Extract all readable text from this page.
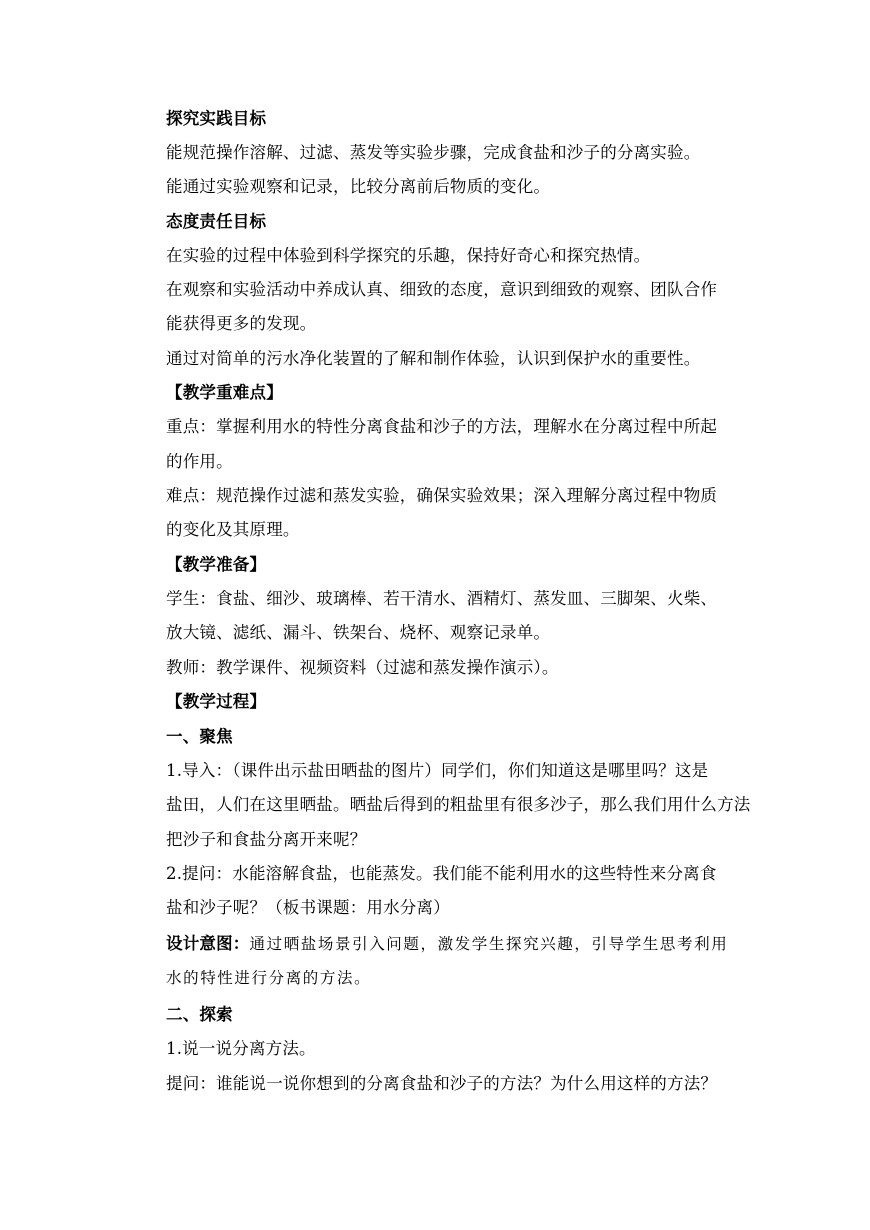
探究实践目标
能规范操作溶解、过滤、蒸发等实验步骤，完成食盐和沙子的分离实验。
能通过实验观察和记录，比较分离前后物质的变化。
态度责任目标
在实验的过程中体验到科学探究的乐趣，保持好奇心和探究热情。
在观察和实验活动中养成认真、细致的态度，意识到细致的观察、团队合作
能获得更多的发现。
通过对简单的污水净化装置的了解和制作体验，认识到保护水的重要性。
【教学重难点】
重点：掌握利用水的特性分离食盐和沙子的方法，理解水在分离过程中所起
的作用。
难点：规范操作过滤和蒸发实验，确保实验效果；深入理解分离过程中物质
的变化及其原理。
【教学准备】
学生：食盐、细沙、玻璃棒、若干清水、酒精灯、蒸发皿、三脚架、火柴、
放大镜、滤纸、漏斗、铁架台、烧杯、观察记录单。
教师：教学课件、视频资料（过滤和蒸发操作演示）。
【教学过程】
一、聚焦
1.导入：（课件出示盐田晒盐的图片）同学们，你们知道这是哪里吗？这是
盐田，人们在这里晒盐。晒盐后得到的粗盐里有很多沙子，那么我们用什么方法
把沙子和食盐分离开来呢？
2.提问：水能溶解食盐，也能蒸发。我们能不能利用水的这些特性来分离食
盐和沙子呢？（板书课题：用水分离）
设计意图：通过晒盐场景引入问题，激发学生探究兴趣，引导学生思考利用
水的特性进行分离的方法。
二、探索
1.说一说分离方法。
提问：谁能说一说你想到的分离食盐和沙子的方法？为什么用这样的方法？
